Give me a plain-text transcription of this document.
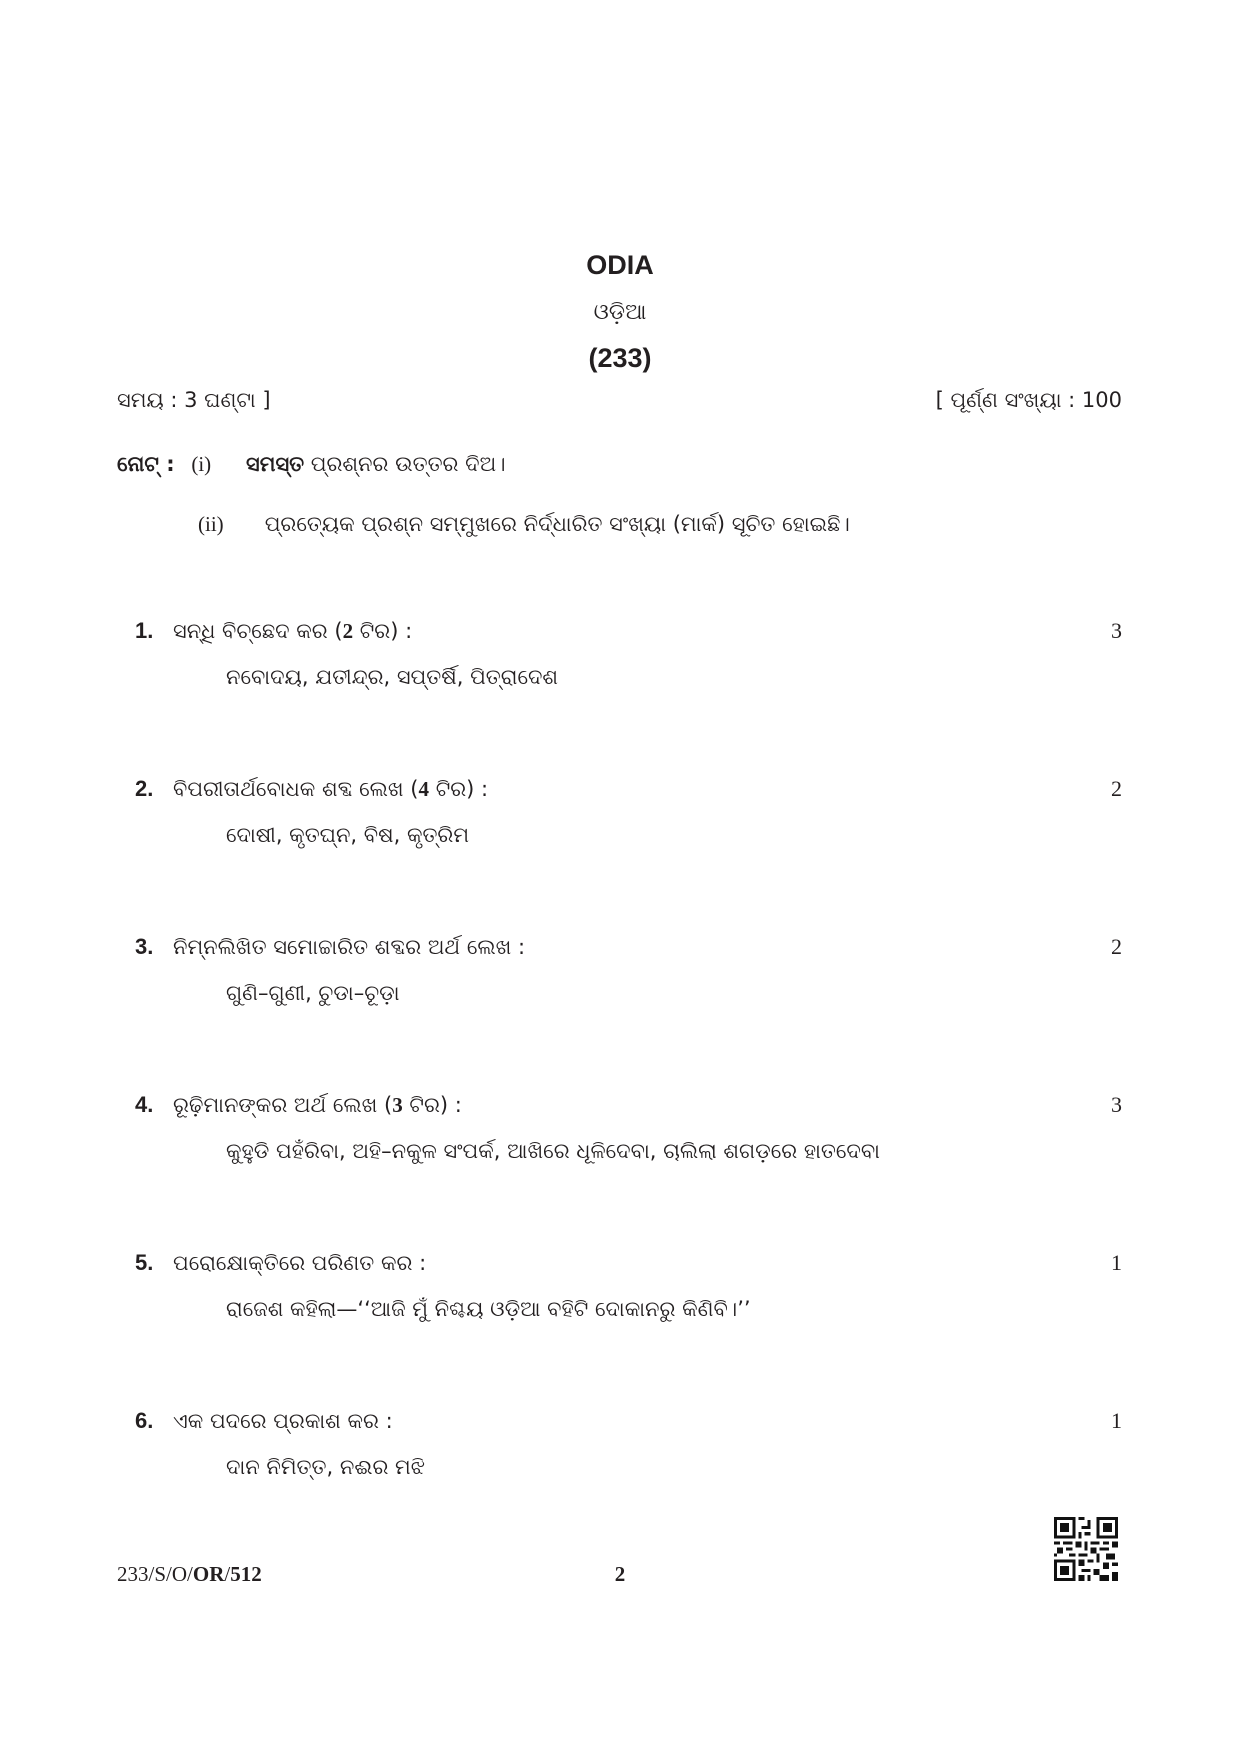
ODIA
ଓଡ଼ିଆ
(233)
ସମୟ : 3 ଘଣ୍ଟା ]	[ ପୂର୍ଣ୍ଣ ସଂଖ୍ୟା : 100
ନୋଟ୍ : (i) ସମସ୍ତ ପ୍ରଶ୍ନର ଉତ୍ତର ଦିଅ।
(ii) ପ୍ରତ୍ୟେକ ପ୍ରଶ୍ନ ସମ୍ମୁଖରେ ନିର୍ଦ୍ଧାରିତ ସଂଖ୍ୟା (ମାର୍କ) ସୂଚିତ ହୋଇଛି।
1. ସନ୍ଧି ବିଚ୍ଛେଦ କର (2 ଟିର) :	3
ନବୋଦୟ, ଯତୀନ୍ଦ୍ର, ସପ୍ତର୍ଷି, ପିତ୍ରାଦେଶ
2. ବିପରୀତାର୍ଥବୋଧକ ଶବ୍ଦ ଲେଖ (4 ଟିର) :	2
ଦୋଷୀ, କୃତଘ୍ନ, ବିଷ, କୃତ୍ରିମ
3. ନିମ୍ନଲିଖିତ ସମୋଚ୍ଚାରିତ ଶବ୍ଦର ଅର୍ଥ ଲେଖ :	2
ଗୁଣି–ଗୁଣୀ, ଚୁଡା–ଚୂଡ଼ା
4. ରୂଢ଼ିମାନଙ୍କର ଅର୍ଥ ଲେଖ (3 ଟିର) :	3
କୁହୁଡି ପହଁରିବା, ଅହି–ନକୁଳ ସଂପର୍କ, ଆଖିରେ ଧୂଳିଦେବା, ଚାଲିଲା ଶଗଡ଼ରେ ହାତଦେବା
5. ପରୋକ୍ଷୋକ୍ତିରେ ପରିଣତ କର :	1
ରାଜେଶ କହିଲା—‘‘ଆଜି ମୁଁ ନିଶ୍ଚୟ ଓଡ଼ିଆ ବହିଟି ଦୋକାନରୁ କିଣିବି।’’
6. ଏକ ପଦରେ ପ୍ରକାଶ କର :	1
ଦାନ ନିମିତ୍ତ, ନଈର ମଝି
233/S/O/OR/512	2
